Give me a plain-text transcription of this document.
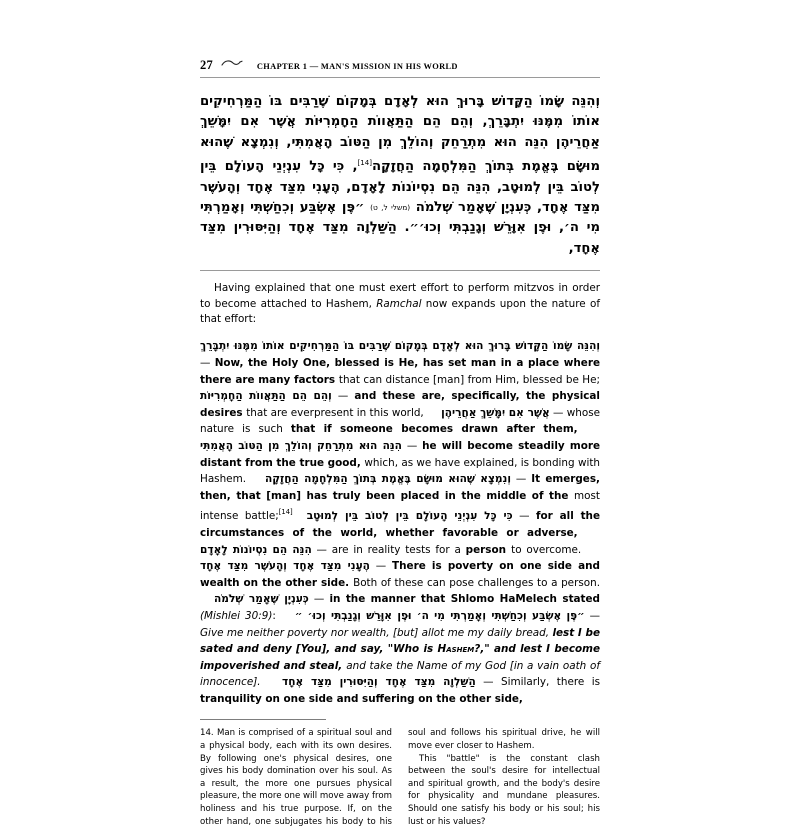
27	CHAPTER 1 — MAN'S MISSION IN HIS WORLD
וְהִנֵּה שָׂמוֹ הַקָּדוֹשׁ בָּרוּךְ הוּא לְאָדָם בְּמָקוֹם שֶׁרַבִּים בּוֹ הַמַּרְחִיקִים אוֹתוֹ מִמֶּנּוּ יִתְבָּרֵךְ, וְהֵם הֵם הַתַּאֲווֹת הַחָמְרִיּוֹת אֲשֶׁר אִם יִמָּשֵׁךְ אַחֲרֵיהֶן הִנֵּה הוּא מִתְרַחֵק וְהוֹלֵךְ מִן הַטּוֹב הָאֲמִתִּי, וְנִמְצָא שֶׁהוּא מוּשָׂם בֶּאֱמֶת בְּתוֹךְ הַמִּלְחָמָה הַחֲזָקָה[14], כִּי כָּל עִנְיְנֵי הָעוֹלָם בֵּין לְטוֹב בֵּין לְמוּטָב, הִנֵּה הֵם נִסְיוֹנוֹת לָאָדָם, הֶעָנִי מִצַּד אֶחָד וְהָעֹשֶׁר מִצַּד אֶחָד, כְּעִנְיָן שֶׁאָמַר שְׁלֹמֹה (משלי ל, ט) ״פֶּן אֶשְׂבַּע וְכִחַשְׁתִּי וְאָמַרְתִּי מִי ה׳, וּפֶן אִוָּרֵשׁ וְגָנַבְתִּי וְכוּ׳״. הַשַּׁלְוָה מִצַּד אֶחָד וְהַיִּסּוּרִין מִצַּד אֶחָד,

Having explained that one must exert effort to perform mitzvos in order to become attached to Hashem, Ramchal now expands upon the nature of that effort:

וְהִנֵּה שָׂמוֹ הַקָּדוֹשׁ בָּרוּךְ הוּא לְאָדָם בְּמָקוֹם שֶׁרַבִּים בּוֹ הַמַּרְחִיקִים אוֹתוֹ מִמֶּנּוּ יִתְבָּרֵךְ — Now, the Holy One, blessed is He, has set man in a place where there are many factors that can distance [man] from Him, blessed be He; וְהֵם הֵם הַתַּאֲווֹת הַחָמְרִיּוֹת — and these are, specifically, the physical desires that are everpresent in this world, אֲשֶׁר אִם יִמָּשֵׁךְ אַחֲרֵיהֶן — whose nature is such that if someone becomes drawn after them, הִנֵּה הוּא מִתְרַחֵק וְהוֹלֵךְ מִן הַטּוֹב הָאֲמִתִּי — he will become steadily more distant from the true good, which, as we have explained, is bonding with Hashem. וְנִמְצָא שֶׁהוּא מוּשָׂם בֶּאֱמֶת בְּתוֹךְ הַמִּלְחָמָה הַחֲזָקָה — It emerges, then, that [man] has truly been placed in the middle of the most intense battle;[14] כִּי כָּל עִנְיְנֵי הָעוֹלָם בֵּין לְטוֹב בֵּין לְמוּטָב — for all the circumstances of the world, whether favorable or adverse, הִנֵּה הֵם נִסְיוֹנוֹת לָאָדָם — are in reality tests for a person to overcome. הֶעָנִי מִצַּד אֶחָד וְהָעֹשֶׁר מִצַּד אֶחָד — There is poverty on one side and wealth on the other side. Both of these can pose challenges to a person. כְּעִנְיָן שֶׁאָמַר שְׁלֹמֹה — in the manner that Shlomo HaMelech stated (Mishlei 30:9): ״פֶּן אֶשְׂבַּע וְכִחַשְׁתִּי וְאָמַרְתִּי מִי ה׳ וּפֶן אִוָּרֵשׁ וְגָנַבְתִּי וְכוּ׳ ״ — Give me neither poverty nor wealth, [but] allot me my daily bread, lest I be sated and deny [You], and say, "Who is Hashem?," and lest I become impoverished and steal, and take the Name of my God [in a vain oath of innocence]. הַשַּׁלְוָה מִצַּד אֶחָד וְהַיִּסּוּרִין מִצַּד אֶחָד — Similarly, there is tranquility on one side and suffering on the other side,

14. Man is comprised of a spiritual soul and a physical body, each with its own desires. By following one's physical desires, one gives his body domination over his soul. As a result, the more one pursues physical pleasure, the more one will move away from holiness and his true purpose. If, on the other hand, one subjugates his body to his soul and follows his spiritual drive, he will move ever closer to Hashem.

This "battle" is the constant clash between the soul's desire for intellectual and spiritual growth, and the body's desire for physicality and mundane pleasures. Should one satisfy his body or his soul; his lust or his values?
